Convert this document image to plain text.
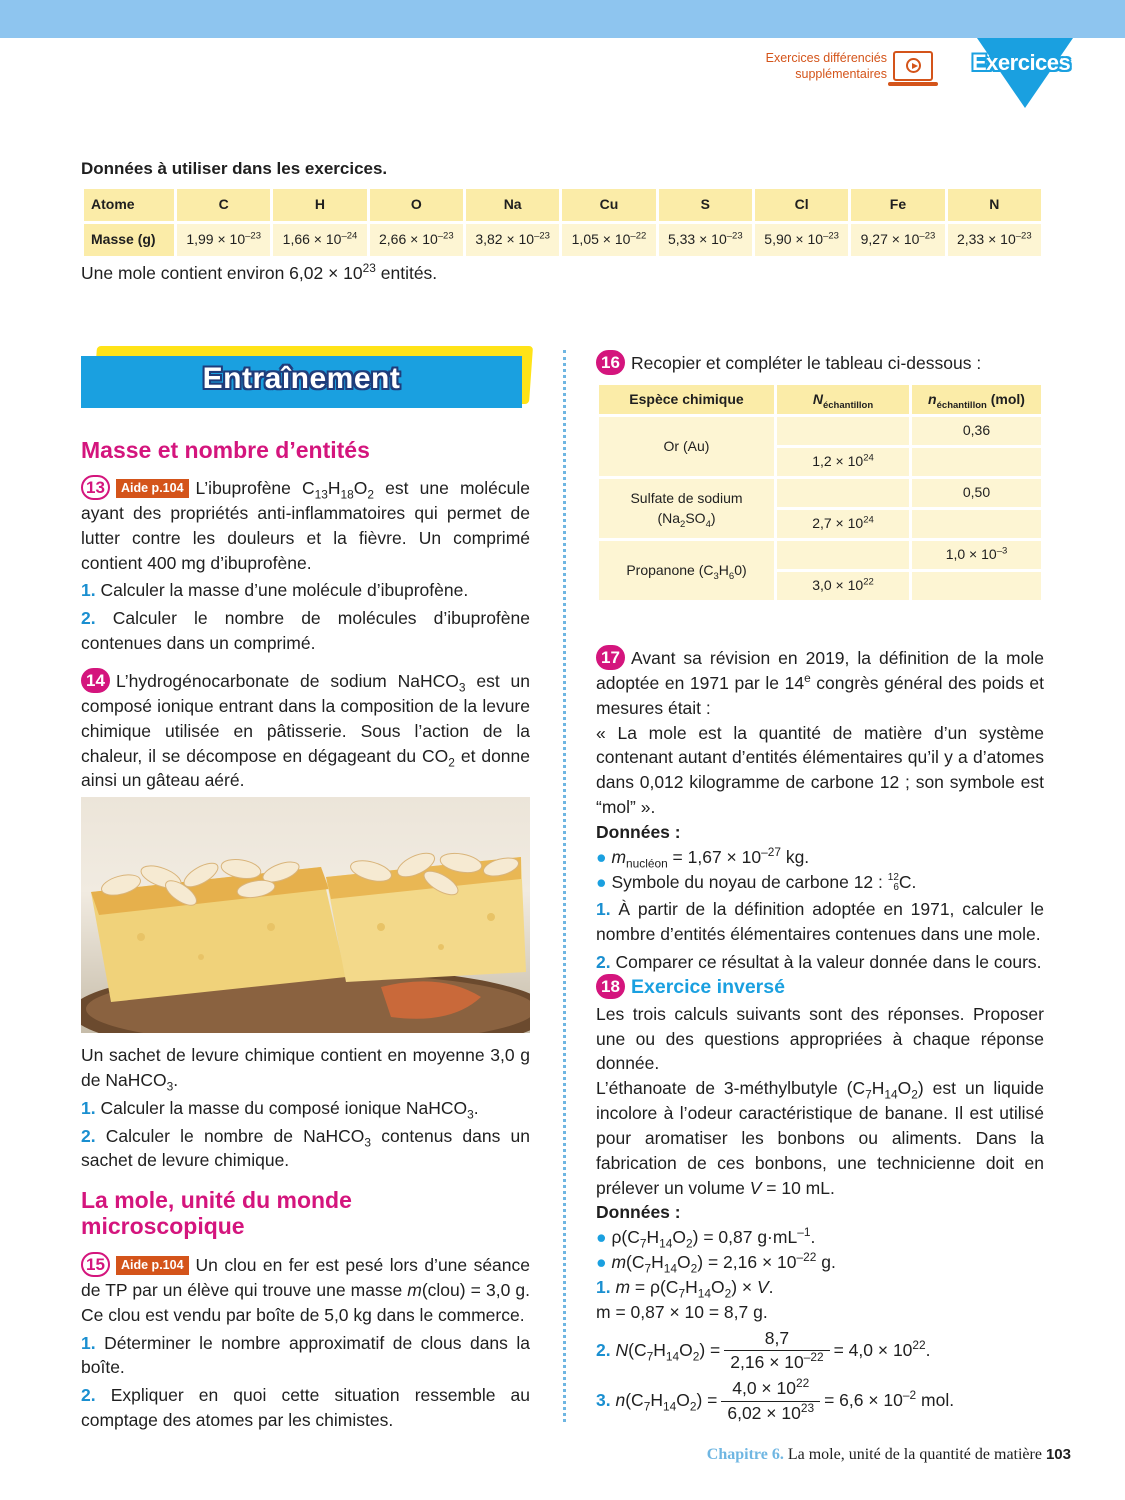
Exercices différenciés
supplémentaires	Exercices
Données à utiliser dans les exercices.
Atome	C	H	O	Na	Cu	S	Cl	Fe	N
Masse (g)	$1,99 \times 10^{-23}$	$1,66 \times 10^{-24}$	$2,66 \times 10^{-23}$	$3,82 \times 10^{-23}$	$1,05 \times 10^{-22}$	$5,33 \times 10^{-23}$	$5,90 \times 10^{-23}$	$9,27 \times 10^{-23}$	$2,33 \times 10^{-23}$
Une mole contient environ $6,02 \times 10^{23}$ entités.
Entraînement
Masse et nombre d’entités

13 Aide p.104 L’ibuprofène $C_{13}H_{18}O_2$ est une molécule ayant des propriétés anti-inflammatoires qui permet de lutter contre les douleurs et la fièvre. Un comprimé contient 400 mg d’ibuprofène.

1. Calculer la masse d’une molécule d’ibuprofène.

2. Calculer le nombre de molécules d’ibuprofène contenues dans un comprimé.

14 L’hydrogénocarbonate de sodium NaHCO$_3$ est un composé ionique entrant dans la composition de la levure chimique utilisée en pâtisserie. Sous l’action de la chaleur, il se décompose en dégageant du $CO_2$ et donne ainsi un gâteau aéré.

Un sachet de levure chimique contient en moyenne 3,0 g de NaHCO$_3$.

1. Calculer la masse du composé ionique NaHCO$_3$.

2. Calculer le nombre de NaHCO$_3$ contenus dans un sachet de levure chimique.

La mole, unité du monde
microscopique

15 Aide p.104 Un clou en fer est pesé lors d’une séance de TP par un élève qui trouve une masse m(clou) = 3,0 g. Ce clou est vendu par boîte de 5,0 kg dans le commerce.

1. Déterminer le nombre approximatif de clous dans la boîte.

2. Expliquer en quoi cette situation ressemble au comptage des atomes par les chimistes.

16 Recopier et compléter le tableau ci-dessous :

Espèce chimique	$N_{échantillon}$	$n_{échantillon}$ (mol)
Or (Au)		0,36
	$1,2 \times 10^{24}$	

Sulfate de sodium
$(Na_2SO_4)$		0,50
	$2,7 \times 10^{24}$	
Propanone $(C_3H_60)$		$1,0 \times 10^{-3}$
	$3,0 \times 10^{22}$	

17 Avant sa révision en 2019, la définition de la mole adoptée en 1971 par le 14e congrès général des poids et mesures était :

« La mole est la quantité de matière d’un système contenant autant d’entités élémentaires qu’il y a d’atomes dans 0,012 kilogramme de carbone 12 ; son symbole est “mol” ».

Données :

● $m_{nucléon} = 1,67 \times 10^{-27}$ kg.

● Symbole du noyau de carbone 12 : 12
6C.

1. À partir de la définition adoptée en 1971, calculer le nombre d’entités élémentaires contenues dans une mole.

2. Comparer ce résultat à la valeur donnée dans le cours.

18 Exercice inversé

Les trois calculs suivants sont des réponses. Proposer une ou des questions appropriées à chaque réponse donnée.

L’éthanoate de 3-méthylbutyle $(C_7H_{14}O_2)$ est un liquide incolore à l’odeur caractéristique de banane. Il est utilisé pour aromatiser les bonbons ou aliments. Dans la fabrication de ces bonbons, une technicienne doit en prélever un volume V = 10 mL.

Données :

● $\rho(C_7H_{14}O_2) = 0,87$ $g\cdot mL^{-1}$.

● $m(C_7H_{14}O_2) = 2,16 \times 10^{-22}$ g.

1. $m = \rho(C_7H_{14}O_2) \times V$.

m = 0,87 × 10 = 8,7 g.

2. $N(C_7H_{14}O_2) = \frac{8,7}{2,16 \times 10^{-22}} = 4,0 \times 10^{22}$.

3. $n(C_7H_{14}O_2) = \frac{4,0 \times 10^{22}}{6,02 \times 10^{23}} = 6,6 \times 10^{-2}$ mol.

Chapitre 6. La mole, unité de la quantité de matière 103
